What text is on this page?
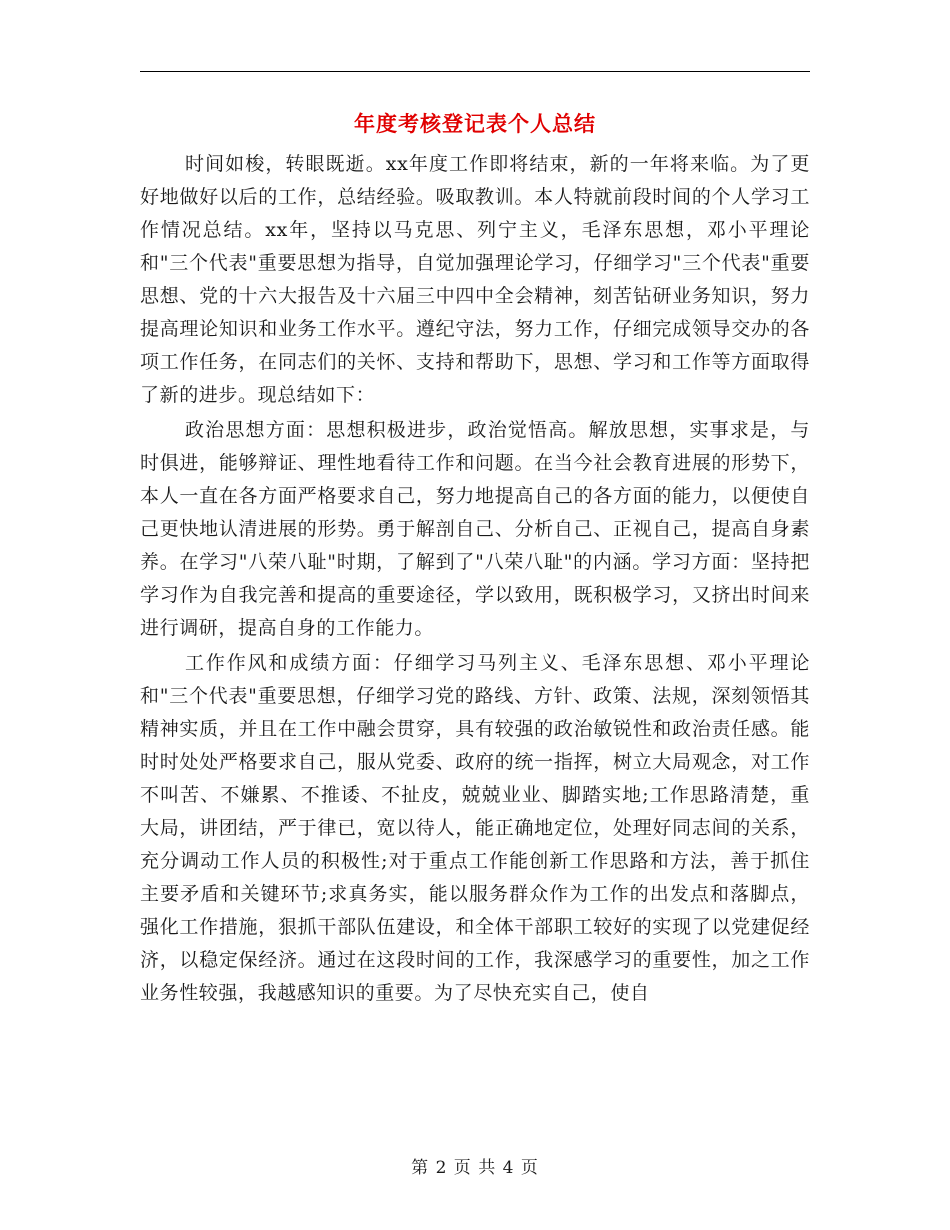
年度考核登记表个人总结

时间如梭，转眼既逝。xx年度工作即将结束，新的一年将来临。为了更好地做好以后的工作，总结经验。吸取教训。本人特就前段时间的个人学习工作情况总结。xx年，坚持以马克思、列宁主义，毛泽东思想，邓小平理论和"三个代表"重要思想为指导，自觉加强理论学习，仔细学习"三个代表"重要思想、党的十六大报告及十六届三中四中全会精神，刻苦钻研业务知识，努力提高理论知识和业务工作水平。遵纪守法，努力工作，仔细完成领导交办的各项工作任务，在同志们的关怀、支持和帮助下，思想、学习和工作等方面取得了新的进步。现总结如下：

政治思想方面：思想积极进步，政治觉悟高。解放思想，实事求是，与时俱进，能够辩证、理性地看待工作和问题。在当今社会教育进展的形势下，本人一直在各方面严格要求自己，努力地提高自己的各方面的能力，以便使自己更快地认清进展的形势。勇于解剖自己、分析自己、正视自己，提高自身素养。在学习"八荣八耻"时期，了解到了"八荣八耻"的内涵。学习方面：坚持把学习作为自我完善和提高的重要途径，学以致用，既积极学习，又挤出时间来进行调研，提高自身的工作能力。

工作作风和成绩方面：仔细学习马列主义、毛泽东思想、邓小平理论和"三个代表"重要思想，仔细学习党的路线、方针、政策、法规，深刻领悟其精神实质，并且在工作中融会贯穿，具有较强的政治敏锐性和政治责任感。能时时处处严格要求自己，服从党委、政府的统一指挥，树立大局观念，对工作不叫苦、不嫌累、不推诿、不扯皮，兢兢业业、脚踏实地;工作思路清楚，重大局，讲团结，严于律已，宽以待人，能正确地定位，处理好同志间的关系，充分调动工作人员的积极性;对于重点工作能创新工作思路和方法，善于抓住主要矛盾和关键环节;求真务实，能以服务群众作为工作的出发点和落脚点，强化工作措施，狠抓干部队伍建设，和全体干部职工较好的实现了以党建促经济，以稳定保经济。通过在这段时间的工作，我深感学习的重要性，加之工作业务性较强，我越感知识的重要。为了尽快充实自己，使自

第 2 页 共 4 页
